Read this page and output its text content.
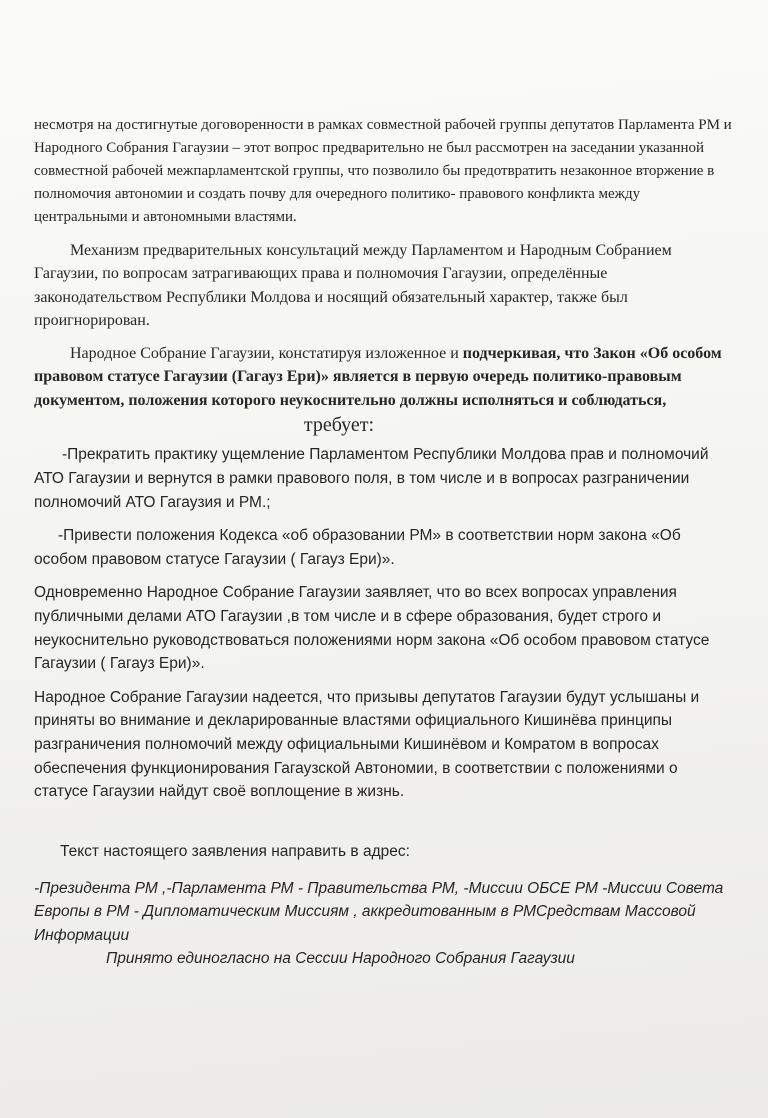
несмотря на достигнутые договоренности в рамках совместной рабочей группы депутатов Парламента РМ и Народного Собрания Гагаузии – этот вопрос предварительно не был рассмотрен на заседании указанной совместной рабочей межпарламентской группы, что позволило бы предотвратить незаконное вторжение в полномочия автономии и создать почву для очередного политико- правового конфликта между центральными и автономными властями.

Механизм предварительных консультаций между Парламентом и Народным Собранием Гагаузии, по вопросам затрагивающих права и полномочия Гагаузии, определённые законодательством Республики Молдова и носящий обязательный характер, также был проигнорирован.

Народное Собрание Гагаузии, констатируя изложенное и подчеркивая, что Закон «Об особом правовом статусе Гагаузии (Гагауз Ери)» является в первую очередь политико-правовым документом, положения которого неукоснительно должны исполняться и соблюдаться,

требует:

-Прекратить практику ущемление Парламентом Республики Молдова прав и полномочий АТО Гагаузии и вернутся в рамки правового поля, в том числе и в вопросах разграничении полномочий АТО Гагаузия и РМ.;

-Привести положения Кодекса «об образовании РМ» в соответствии норм закона «Об особом правовом статусе Гагаузии ( Гагауз Ери)».

Одновременно Народное Собрание Гагаузии заявляет, что во всех вопросах управления публичными делами АТО Гагаузии ,в том числе и в сфере образования, будет строго и неукоснительно руководствоваться положениями норм закона «Об особом правовом статусе Гагаузии ( Гагауз Ери)».

Народное Собрание Гагаузии надеется, что призывы депутатов Гагаузии будут услышаны и приняты во внимание и декларированные властями официального Кишинёва принципы разграничения полномочий между официальными Кишинёвом и Комратом в вопросах обеспечения функционирования Гагаузской Автономии, в соответствии с положениями о статусе Гагаузии найдут своё воплощение в жизнь.

Текст настоящего заявления направить в адрес:

-Президента РМ ,-Парламента РМ - Правительства РМ, -Миссии ОБСЕ РМ -Миссии Совета Европы в РМ - Дипломатическим Миссиям , аккредитованным в РМСредствам Массовой Информации

Принято единогласно на Сессии Народного Собрания Гагаузии
